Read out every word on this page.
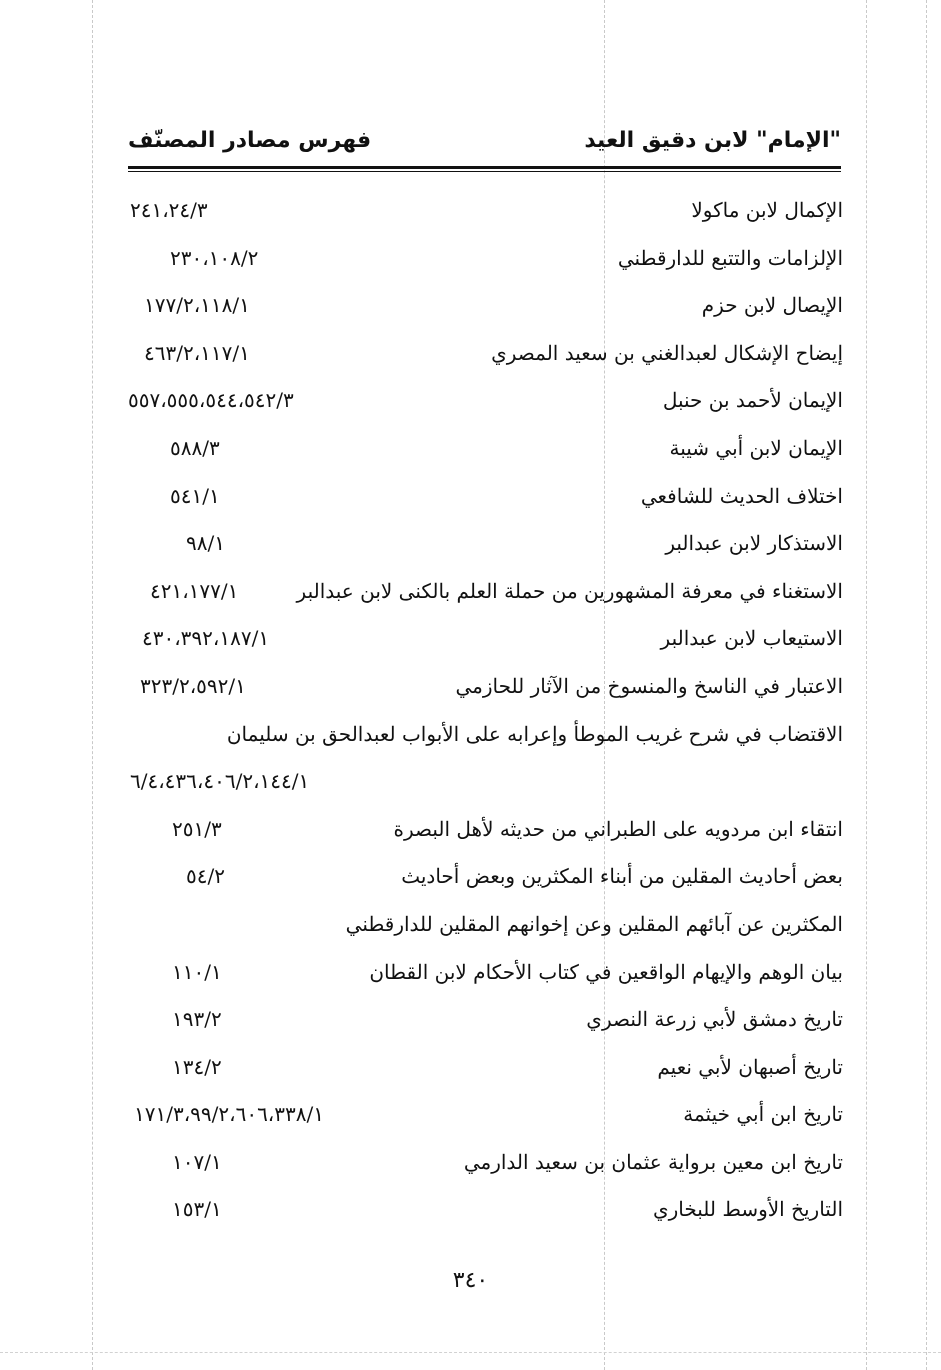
"الإمام" لابن دقيق العيد
فهرس مصادر المصنّف
الإكمال لابن ماكولا
٢٤١،٢٤/٣
الإلزامات والتتبع للدارقطني
٢٣٠،١٠٨/٢
الإيصال لابن حزم
١٧٧/٢،١١٨/١
إيضاح الإشكال لعبدالغني بن سعيد المصري
٤٦٣/٢،١١٧/١
الإيمان لأحمد بن حنبل
٥٥٧،٥٥٥،٥٤٤،٥٤٢/٣
الإيمان لابن أبي شيبة
٥٨٨/٣
اختلاف الحديث للشافعي
٥٤١/١
الاستذكار لابن عبدالبر
٩٨/١
الاستغناء في معرفة المشهورين من حملة العلم بالكنى لابن عبدالبر
٤٢١،١٧٧/١
الاستيعاب لابن عبدالبر
٤٣٠،٣٩٢،١٨٧/١
الاعتبار في الناسخ والمنسوخ من الآثار للحازمي
٣٢٣/٢،٥٩٢/١
الاقتضاب في شرح غريب الموطأ وإعرابه على الأبواب لعبدالحق بن سليمان
٦/٤،٤٣٦،٤٠٦/٢،١٤٤/١
انتقاء ابن مردويه على الطبراني من حديثه لأهل البصرة
٢٥١/٣
بعض أحاديث المقلين من أبناء المكثرين وبعض أحاديث
٥٤/٢
المكثرين عن آبائهم المقلين وعن إخوانهم المقلين للدارقطني
بيان الوهم والإيهام الواقعين في كتاب الأحكام لابن القطان
١١٠/١
تاريخ دمشق لأبي زرعة النصري
١٩٣/٢
تاريخ أصبهان لأبي نعيم
١٣٤/٢
تاريخ ابن أبي خيثمة
١٧١/٣،٩٩/٢،٦٠٦،٣٣٨/١
تاريخ ابن معين برواية عثمان بن سعيد الدارمي
١٠٧/١
التاريخ الأوسط للبخاري
١٥٣/١
٣٤٠
